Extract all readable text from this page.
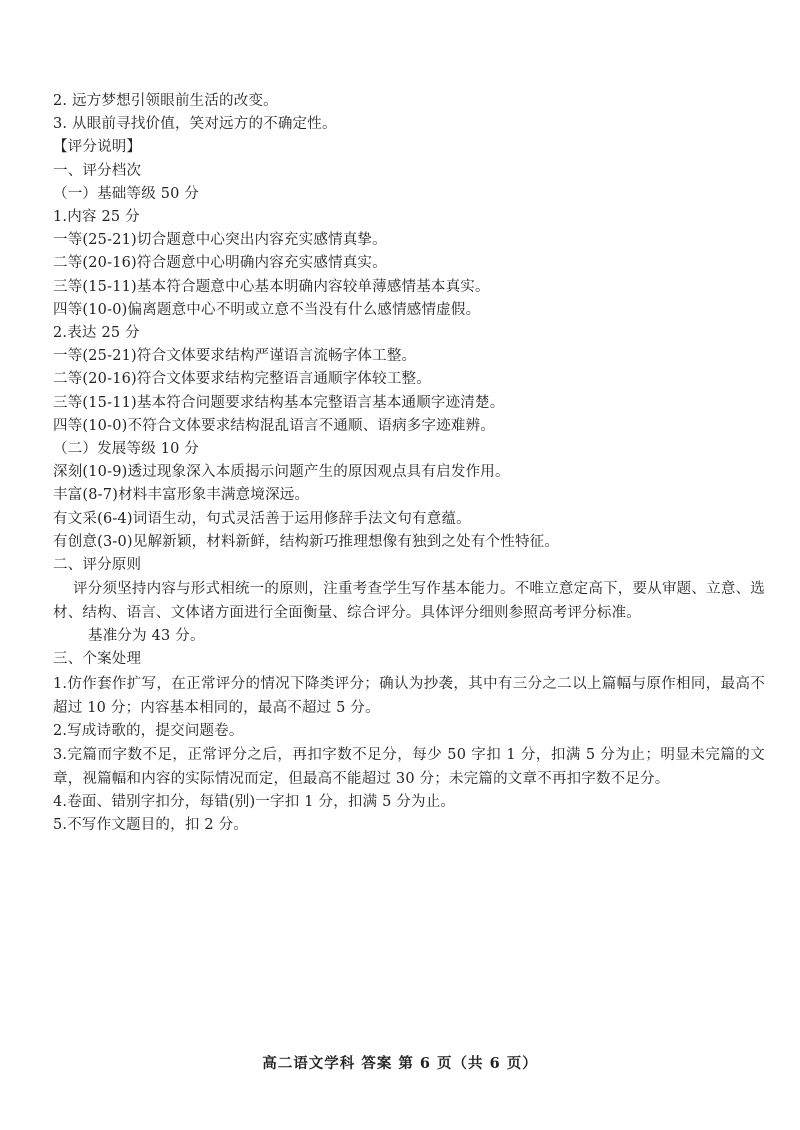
2. 远方梦想引领眼前生活的改变。
3. 从眼前寻找价值，笑对远方的不确定性。
【评分说明】
一、评分档次
（一）基础等级 50 分
1.内容 25 分
一等(25-21)切合题意中心突出内容充实感情真挚。
二等(20-16)符合题意中心明确内容充实感情真实。
三等(15-11)基本符合题意中心基本明确内容较单薄感情基本真实。
四等(10-0)偏离题意中心不明或立意不当没有什么感情感情虚假。
2.表达 25 分
一等(25-21)符合文体要求结构严谨语言流畅字体工整。
二等(20-16)符合文体要求结构完整语言通顺字体较工整。
三等(15-11)基本符合问题要求结构基本完整语言基本通顺字迹清楚。
四等(10-0)不符合文体要求结构混乱语言不通顺、语病多字迹难辨。
（二）发展等级 10 分
深刻(10-9)透过现象深入本质揭示问题产生的原因观点具有启发作用。
丰富(8-7)材料丰富形象丰满意境深远。
有文采(6-4)词语生动，句式灵活善于运用修辞手法文句有意蕴。
有创意(3-0)见解新颖，材料新鲜，结构新巧推理想像有独到之处有个性特征。
二、评分原则
评分须坚持内容与形式相统一的原则，注重考查学生写作基本能力。不唯立意定高下，要从审题、立意、选材、结构、语言、文体诸方面进行全面衡量、综合评分。具体评分细则参照高考评分标准。
基准分为 43 分。
三、个案处理
1.仿作套作扩写，在正常评分的情况下降类评分；确认为抄袭，其中有三分之二以上篇幅与原作相同，最高不超过 10 分；内容基本相同的，最高不超过 5 分。
2.写成诗歌的，提交问题卷。
3.完篇而字数不足，正常评分之后，再扣字数不足分，每少 50 字扣 1 分，扣满 5 分为止；明显未完篇的文章，视篇幅和内容的实际情况而定，但最高不能超过 30 分；未完篇的文章不再扣字数不足分。
4.卷面、错别字扣分，每错(别)一字扣 1 分，扣满 5 分为止。
5.不写作文题目的，扣 2 分。
高二语文学科 答案 第 6 页（共 6 页）
